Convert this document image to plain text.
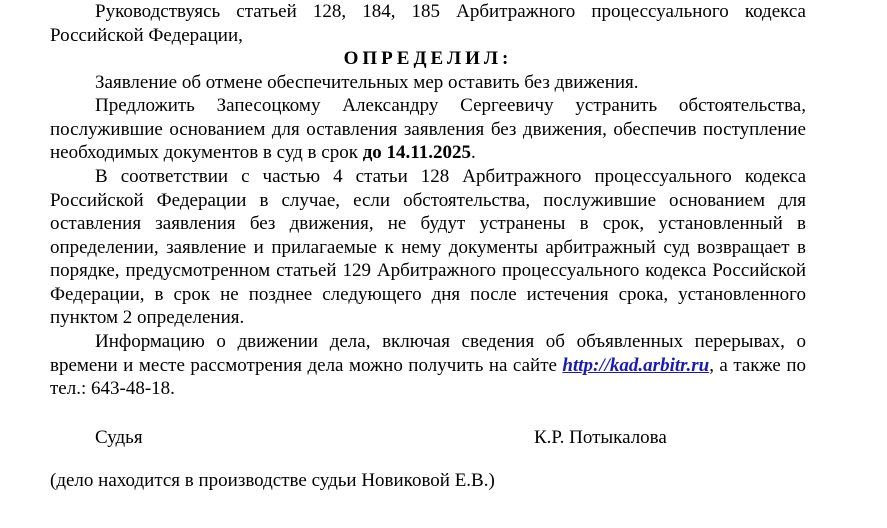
Руководствуясь статьей 128, 184, 185 Арбитражного процессуального кодекса Российской Федерации,

ОПРЕДЕЛИЛ:

Заявление об отмене обеспечительных мер оставить без движения.

Предложить Запесоцкому Александру Сергеевичу устранить обстоятельства, послужившие основанием для оставления заявления без движения, обеспечив поступление необходимых документов в суд в срок до 14.11.2025.

В соответствии с частью 4 статьи 128 Арбитражного процессуального кодекса Российской Федерации в случае, если обстоятельства, послужившие основанием для оставления заявления без движения, не будут устранены в срок, установленный в определении, заявление и прилагаемые к нему документы арбитражный суд возвращает в порядке, предусмотренном статьей 129 Арбитражного процессуального кодекса Российской Федерации, в срок не позднее следующего дня после истечения срока, установленного пунктом 2 определения.

Информацию о движении дела, включая сведения об объявленных перерывах, о времени и месте рассмотрения дела можно получить на сайте http://kad.arbitr.ru, а также по тел.: 643-48-18.

Судья	К.Р. Потыкалова
(дело находится в производстве судьи Новиковой Е.В.)
